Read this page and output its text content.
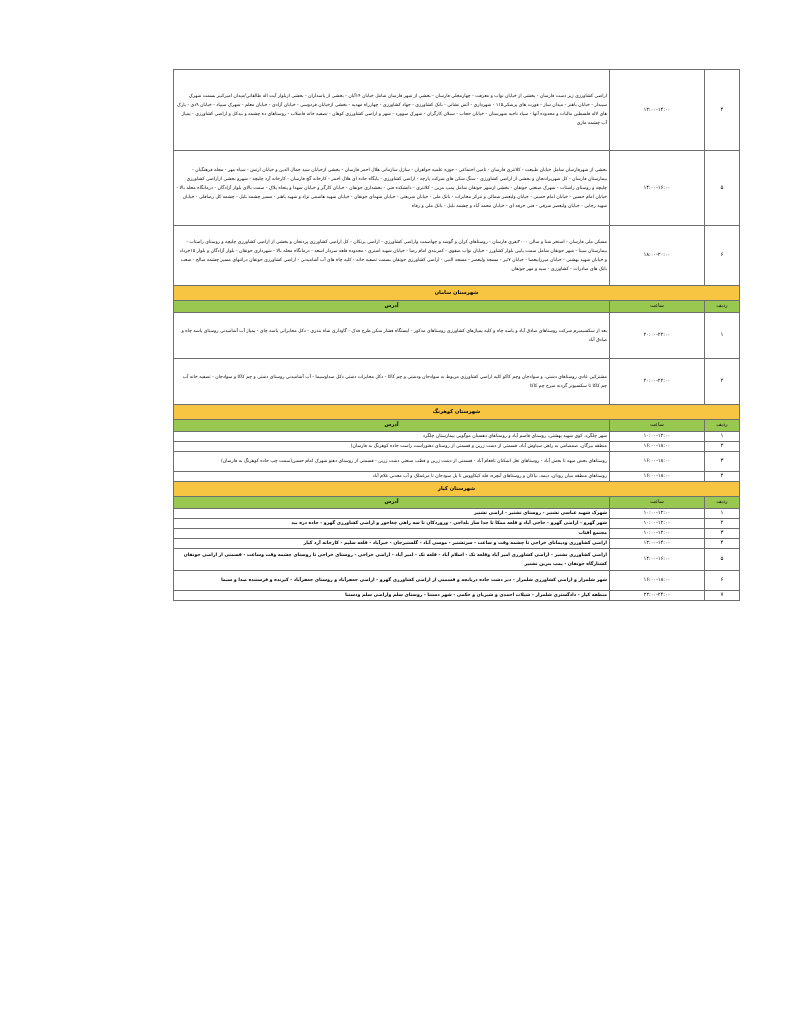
۴	۱۲:۰۰-۱۴:۰۰	اراضی کشاورزی زیر دست فارسان - بخشی از خیابان نواب و معرفت - چهارمحلی فارسان - بخشی از شهر فارسان شامل خیابان ۱۴آبان - بخشی از پاسداران - بخشی ازبلوار آیت اله طالقانی/میدان امیرکبیر بسمت شهرک سپیدار - خیابان باهنر - میدان ساز - قورت های پزشکی۱۱۵ - شهرداری - آتش نشانی - بانک کشاورزی - جهاد کشاورزی - چهارراه مهدیه - بخشی ازخیابان فردوسی - خیابان آزادی - خیابان معلم - شهرک سپیاد - خیابان ۹دی - پارک های لاله فلسطین مالیات و محدوده آنها - سپاد ناحیه شهرستان - خیابان حجاب - سیلان کارگران - شهرک سوورد - شهر و اراضی کشاورزی کوهان - تصفیه خانه فاضلاب - روستاهای ده چشمه و بیدکل و اراضی کشاورزی - پمپاژ آب چشمه مازی
۵	۱۴:۰۰-۱۶:۰۰	بخشی از شهرفارسان شامل خیابان طبیعت - کلانتری فارسان - تامین اجتماعی - حوزه علمیه خواهران - سازل سازمانی هلال احمر فارسان - بخشی ازخیابان سید جمال الدین و خیابان ارتش - سپاه مهر - محله فرهنگیان - بیمارستان فارسان - کل شهرپرادنجان و بخشی از اراضی کشاورزی - سنگ شکن های شرکت پارچه - اراضی کشاورزی - پایگاه جاده ای هلال احمر - کارخانه گچ فارسان - کارخانه آرد چلیچه - شهرو بخشی ازاراضی کشاورزی چلیچه و روستای راستاب - شهرک صنعتی جونقان - بخشی ازشهر جونقان شامل پمپ بنزین - کلانتری - دانشکده فنی - بخشداری جونقان - خیابان کارگر و خیابان شهدا و پنجاه پلاک - سمت بالای بلوار آزادگان - درمانگاه محله بالا - خیابان امام حسین - خیابان امام خمینی - خیابان ولیعصر شمالی و مرکز مخابرات - بانک ملی - خیابان شریعتی - خیابان شهدای جونقان - خیابان شهید هاشمی نژاد و شهید باهنر - مسیر چشمه بلبل - چشمه کل رضاقلی - خیابان شهید رجایی - خیابان ولیعصر شرقی - فنی حرفه ای - خیابان محمد آباد و چشمه بلبل - بانک ملی و رفاه
۶	۱۸:۰۰-۲۰:۰۰	مسکن ملی فارسان - استخر شنا و سالن ۲۰۰۰نفری فارسان - روستاهای کران و گوشه و چهاصمت واراضی کشاورزی - اراضی برنکان - کل اراضی کشاورزی پردنجان و بخشی از اراضی کشاورزی چلیچه و روستای راستاب - بیمارستان سینا - شهر جونقان شامل سمت پایین بلوار کشاورز - خیابان نواب صفوی - کمربندی امام رضا - خیابان شهید اشتری - محدوده قلعه سردار اسعد - درمانگاه محله بالا - شهرداری جونقان - بلوار آزادگان و بلوار ۱۵خرداد و خیابان شهید بهشتی - خیابان میرزابیعصا - خیابان ۷تیر - مسجد ولیعصر - مسجد النبی - اراضی کشاورزی جونقان بسمت تصفیه خانه - کلیه چاه های آب آشامیدنی - اراضی کشاورزی جونقان دراتنهای مسیر چشمه صالح - شعب بانک های صادرات - کشاورزی - سپه و مهر جونقان
شهرستان سامان		
ردیف	ساعت	آدرس
۱	۲۰:۰۰-۲۲:۰۰	بعد از سکسیمبرم شرکت روستاهای صادق آباد و یاسه چاه و کلیه پمپاژهای کشاورزی روستاهای مذکور - ایستگاه فشار شکن طرح فدک - گاوداری شاه بندری - دکل مخابراتی یاسه چای - پمپاژ آب آشامیدنی روستای یاسه چاه و صادق آباد
۲	۲۰:۰۰-۲۲:۰۰	مشترکین عادی روستاهای دشتی، و سوادجان وچم کاکو کلیه اراضی کشاورزی مربوط به سوادجان ودشتی و چم کاکا - دکل مخابرات دشتی دکل صداوسیما - آب آشامیدنی روستای دشتی و چم کاکا و سوادجان - تصفیه خانه آب چم کاکا تا سکسیونر گردنه سرخ چم کاکا
شهرستان کوهرنگ		
ردیف	ساعت	آدرس
۱	۱۰:۰۰-۱۲:۰۰	شهر چلگرد، کوی شهید بهشتی، روستای قاسم آباد و روستاهای دهستان موگویی بیمارستان چلگرد
۲	۱۶:۰۰-۱۸:۰۰	منطقه بیرگان، صمصامی به راهی سیاوش آباد، قسمتی از دشت زرین و قسمتی از روستای دهنوراست راست جاده کوهرنگ به فارسان)
۳	۱۶:۰۰-۱۸:۰۰	روستاهای بخش میهه تا بخش آباد - روستاهای تعل اشکنان تافغام آباد - قسمتی از دشت زرین و قطب صنعتی دشت زرین - قسمتی از روستای دهنو شهرک امام حسین(سمت چپ جاده کوهرنگ به فارسان)
۴	۱۶:۰۰-۱۸:۰۰	روستاهای منطقه میان رودان، دیمه، نیاکان و روستاهای آبچره، قله کیکاووس تا پل سودجان تا مرغملک و آب معدنی غلام آباد
شهرستان کیار		
ردیف	ساعت	آدرس
۱	۱۰:۰۰-۱۲:۰۰	شهرک شهید عباسی تشنیز - روستای تشنیز - اراضی تشنیز
۲	۱۰:۰۰-۱۲:۰۰	شهر گهرو - اراضی گهرو - حاجی آباد و قلعه ممکا تا جدا ساز بلداجی - وزوردکان تا سه راهی چغاخور و اراضی کشاورزی گهرو - جاده دره بید
۳	۱۰:۰۰-۱۲:۰۰	مجتمع آفتاب
۴	۱۲:۰۰-۱۴:۰۰	اراضی کشاورزی ودیمانای خراجی تا چشمه وقت و ساعت - سرتشنیز - موسی آباد - گلستیزجان - خیرآباد - قلعه سلیم - کارخانه آرد کیار
۵	۱۴:۰۰-۱۶:۰۰	اراضی کشاورزی تشنیز - اراضی کشاورزی امیر آباد وقلعه تک - اسلام آباد - قلعه تک - امیر آباد - اراضی خراجی - روستای خراجی تا روستای چشمه وقت وساعت - قسمتی از اراضی جونقان کشتارگاه جونقان - پمپ بنزین تشنیز
۶	۱۶:۰۰-۱۸:۰۰	شهر شلمزار و اراضی کشاورزی شلمزار - دیز دشت جاده دربابچه و قسمتی از اراضی کشاورزی گهرو - اراضی جعفرآباد و روستای جعفرآباد - کیرنده و فرستنده صدا و سیما
۷	۲۲:۰۰-۲۴:۰۰	منطقه کیار - دادگستری شلمزار - شیلات احمدی و شیریان و حکمی - شهر دستنا - روستای سلم واراضی سلم ودستنا
